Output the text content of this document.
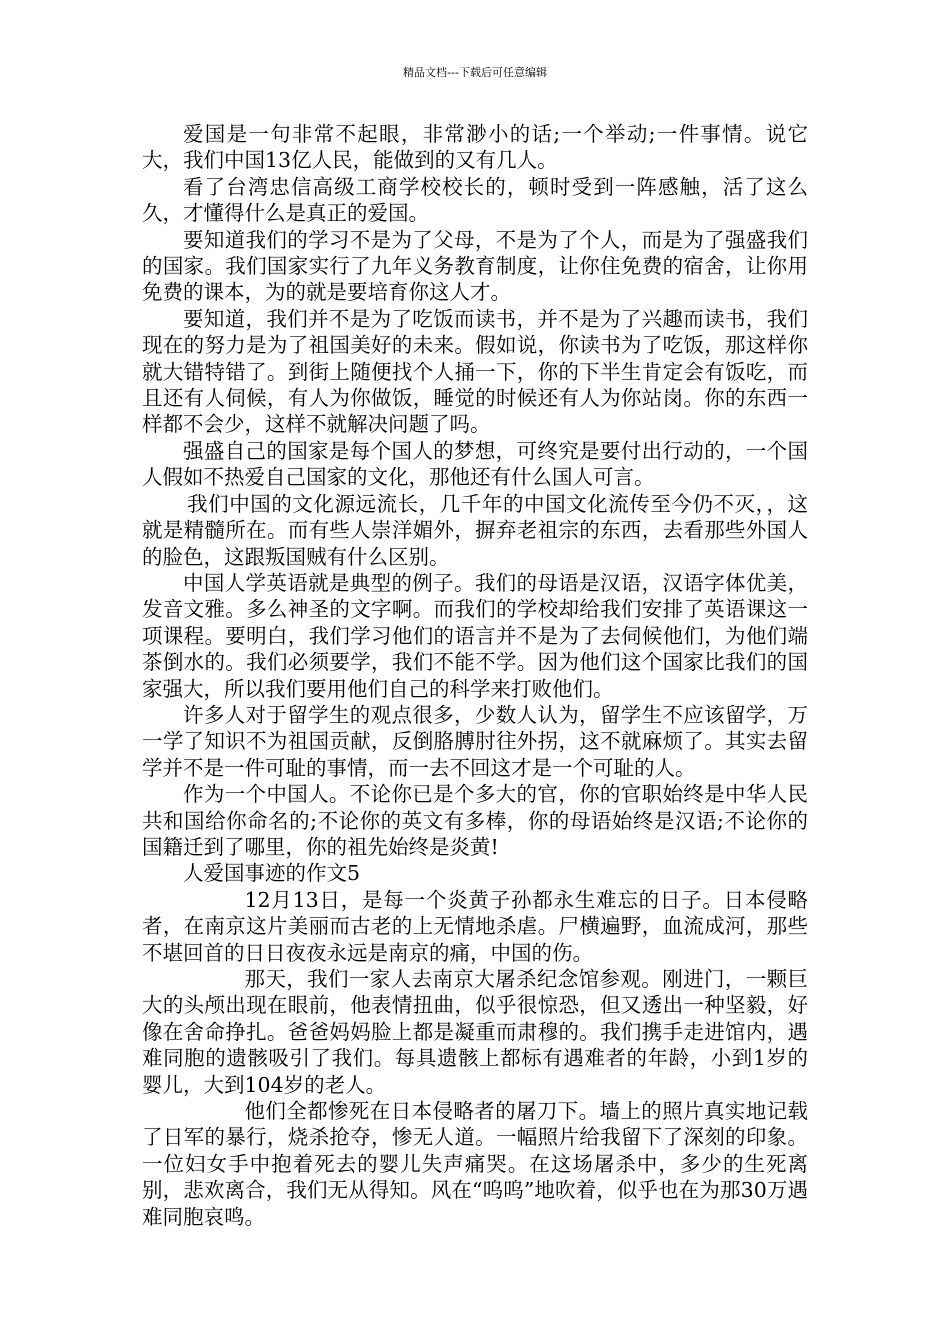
精品文档---下载后可任意编辑

爱国是一句非常不起眼，非常渺小的话;一个举动;一件事情。说它大，我们中国13亿人民，能做到的又有几人。

看了台湾忠信高级工商学校校长的，顿时受到一阵感触，活了这么久，才懂得什么是真正的爱国。

要知道我们的学习不是为了父母，不是为了个人，而是为了强盛我们的国家。我们国家实行了九年义务教育制度，让你住免费的宿舍，让你用免费的课本，为的就是要培育你这人才。

要知道，我们并不是为了吃饭而读书，并不是为了兴趣而读书，我们现在的努力是为了祖国美好的未来。假如说，你读书为了吃饭，那这样你就大错特错了。到街上随便找个人捅一下，你的下半生肯定会有饭吃，而且还有人伺候，有人为你做饭，睡觉的时候还有人为你站岗。你的东西一样都不会少，这样不就解决问题了吗。

强盛自己的国家是每个国人的梦想，可终究是要付出行动的，一个国人假如不热爱自己国家的文化，那他还有什么国人可言。

我们中国的文化源远流长，几千年的中国文化流传至今仍不灭，，这就是精髓所在。而有些人崇洋媚外，摒弃老祖宗的东西，去看那些外国人的脸色，这跟叛国贼有什么区别。

中国人学英语就是典型的例子。我们的母语是汉语，汉语字体优美，发音文雅。多么神圣的文字啊。而我们的学校却给我们安排了英语课这一项课程。要明白，我们学习他们的语言并不是为了去伺候他们，为他们端茶倒水的。我们必须要学，我们不能不学。因为他们这个国家比我们的国家强大，所以我们要用他们自己的科学来打败他们。

许多人对于留学生的观点很多，少数人认为，留学生不应该留学，万一学了知识不为祖国贡献，反倒胳膊肘往外拐，这不就麻烦了。其实去留学并不是一件可耻的事情，而一去不回这才是一个可耻的人。

作为一个中国人。不论你已是个多大的官，你的官职始终是中华人民共和国给你命名的;不论你的英文有多棒，你的母语始终是汉语;不论你的国籍迁到了哪里，你的祖先始终是炎黄!

人爱国事迹的作文5

12月13日，是每一个炎黄子孙都永生难忘的日子。日本侵略者，在南京这片美丽而古老的上无情地杀虐。尸横遍野，血流成河，那些不堪回首的日日夜夜永远是南京的痛，中国的伤。

那天，我们一家人去南京大屠杀纪念馆参观。刚进门，一颗巨大的头颅出现在眼前，他表情扭曲，似乎很惊恐，但又透出一种坚毅，好像在舍命挣扎。爸爸妈妈脸上都是凝重而肃穆的。我们携手走进馆内，遇难同胞的遗骸吸引了我们。每具遗骸上都标有遇难者的年龄，小到1岁的婴儿，大到104岁的老人。

他们全都惨死在日本侵略者的屠刀下。墙上的照片真实地记载了日军的暴行，烧杀抢夺，惨无人道。一幅照片给我留下了深刻的印象。一位妇女手中抱着死去的婴儿失声痛哭。在这场屠杀中，多少的生死离别，悲欢离合，我们无从得知。风在“呜呜”地吹着，似乎也在为那30万遇难同胞哀鸣。
